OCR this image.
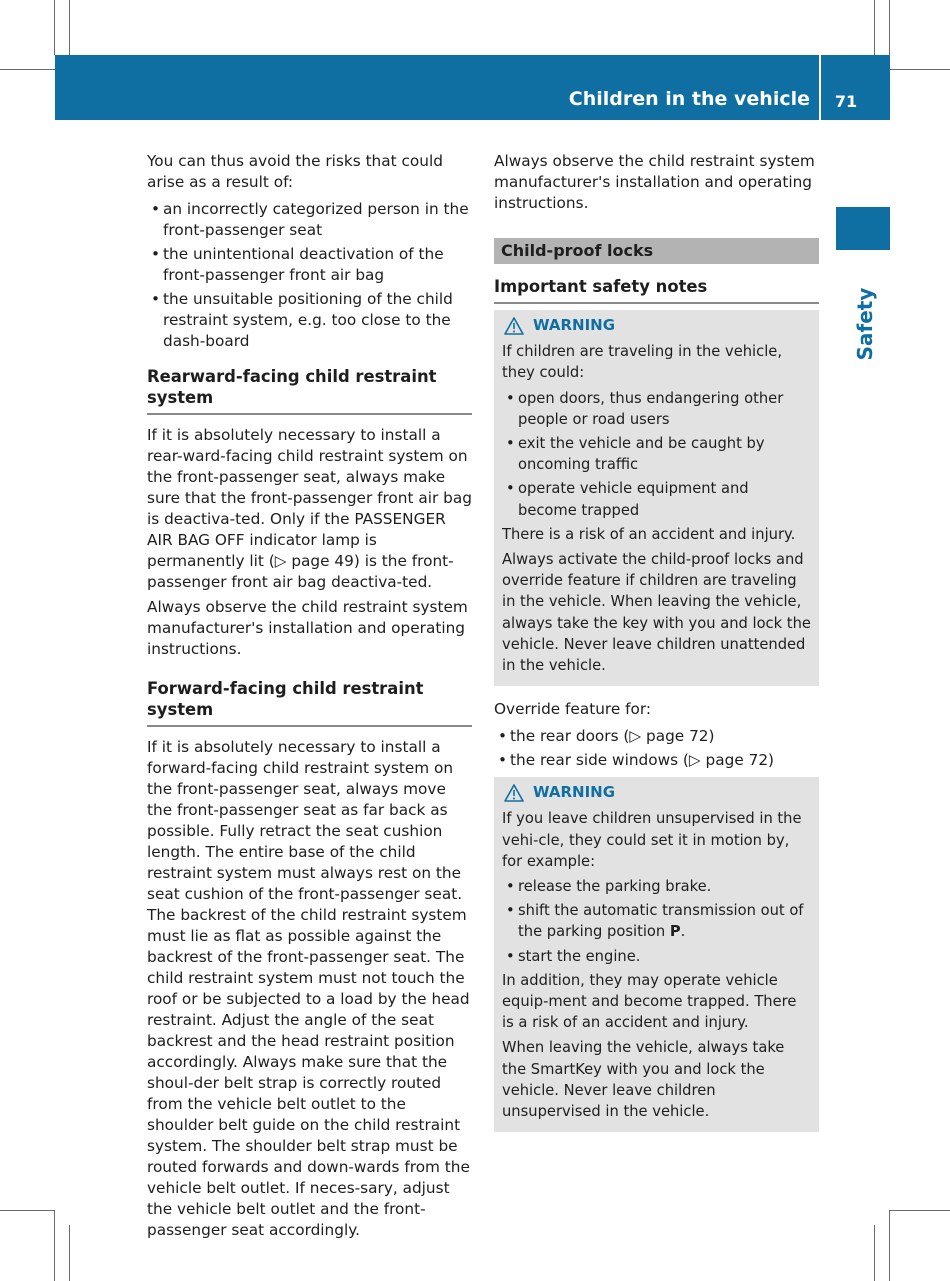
Children in the vehicle	71
Safety

You can thus avoid the risks that could arise as a result of:

• an incorrectly categorized person in the front-passenger seat
• the unintentional deactivation of the front-passenger front air bag
• the unsuitable positioning of the child restraint system, e.g. too close to the dash-board
Rearward-facing child restraint system

If it is absolutely necessary to install a rear-ward-facing child restraint system on the front-passenger seat, always make sure that the front-passenger front air bag is deactiva-ted. Only if the PASSENGER AIR BAG OFF indicator lamp is permanently lit (▷ page 49) is the front-passenger front air bag deactiva-ted.

Always observe the child restraint system manufacturer's installation and operating instructions.

Forward-facing child restraint system

If it is absolutely necessary to install a forward-facing child restraint system on the front-passenger seat, always move the front-passenger seat as far back as possible. Fully retract the seat cushion length. The entire base of the child restraint system must always rest on the seat cushion of the front-passenger seat. The backrest of the child restraint system must lie as flat as possible against the backrest of the front-passenger seat. The child restraint system must not touch the roof or be subjected to a load by the head restraint. Adjust the angle of the seat backrest and the head restraint position accordingly. Always make sure that the shoul-der belt strap is correctly routed from the vehicle belt outlet to the shoulder belt guide on the child restraint system. The shoulder belt strap must be routed forwards and down-wards from the vehicle belt outlet. If neces-sary, adjust the vehicle belt outlet and the front-passenger seat accordingly.

Always observe the child restraint system manufacturer's installation and operating instructions.

Child-proof locks
Important safety notes
WARNING

If children are traveling in the vehicle, they could:

• open doors, thus endangering other people or road users
• exit the vehicle and be caught by oncoming traffic
• operate vehicle equipment and become trapped

There is a risk of an accident and injury.

Always activate the child-proof locks and override feature if children are traveling in the vehicle. When leaving the vehicle, always take the key with you and lock the vehicle. Never leave children unattended in the vehicle.

Override feature for:

• the rear doors (▷ page 72)
• the rear side windows (▷ page 72)
WARNING

If you leave children unsupervised in the vehi-cle, they could set it in motion by, for example:

• release the parking brake.
• shift the automatic transmission out of the parking position P.
• start the engine.

In addition, they may operate vehicle equip-ment and become trapped. There is a risk of an accident and injury.

When leaving the vehicle, always take the SmartKey with you and lock the vehicle. Never leave children unsupervised in the vehicle.
